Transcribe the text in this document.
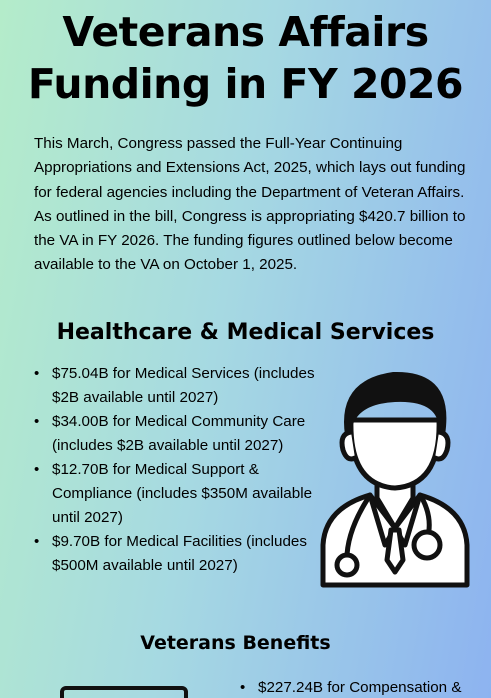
Veterans Affairs
Funding in FY 2026

This March, Congress passed the Full-Year Continuing Appropriations and Extensions Act, 2025, which lays out funding for federal agencies including the Department of Veteran Affairs. As outlined in the bill, Congress is appropriating $420.7 billion to the VA in FY 2026. The funding figures outlined below become available to the VA on October 1, 2025.

Healthcare & Medical Services
• $75.04B for Medical Services (includes $2B available until 2027)
• $34.00B for Medical Community Care (includes $2B available until 2027)
• $12.70B for Medical Support & Compliance (includes $350M available until 2027)
• $9.70B for Medical Facilities (includes $500M available until 2027)
Veterans Benefits
• $227.24B for Compensation &
